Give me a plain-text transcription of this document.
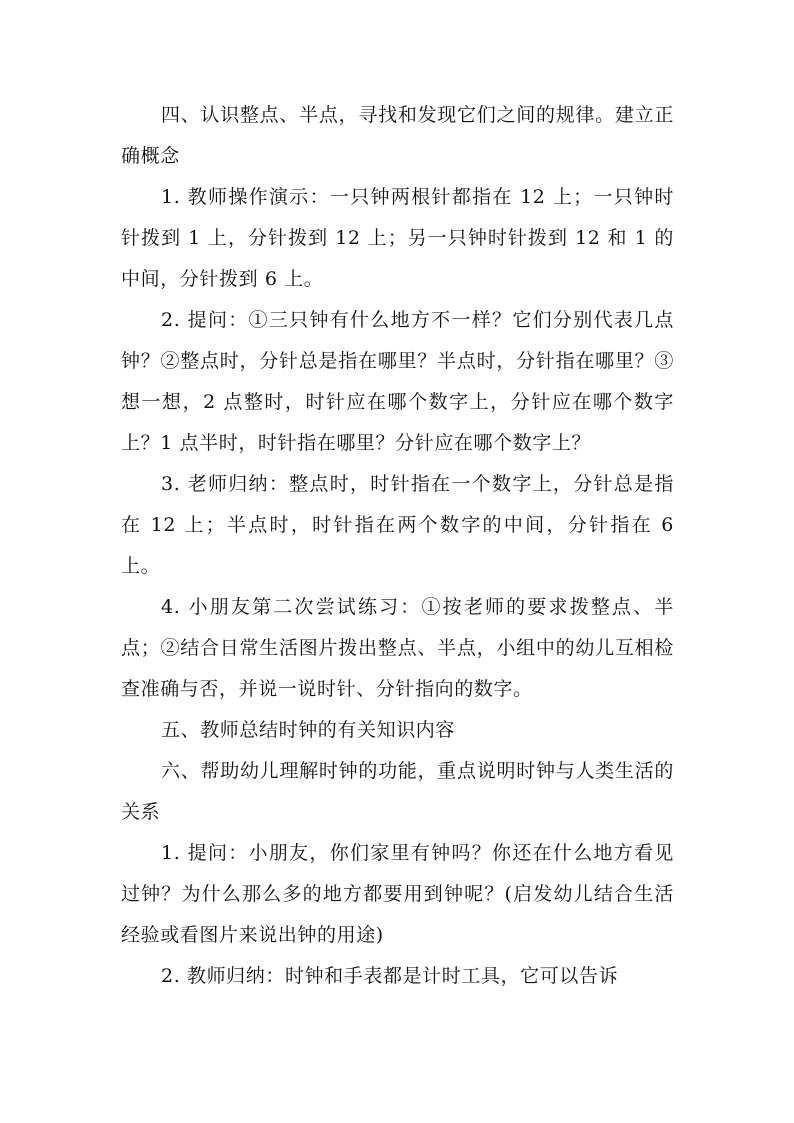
四、认识整点、半点，寻找和发现它们之间的规律。建立正确概念

1. 教师操作演示：一只钟两根针都指在 12 上；一只钟时针拨到 1 上，分针拨到 12 上；另一只钟时针拨到 12 和 1 的中间，分针拨到 6 上。

2. 提问：①三只钟有什么地方不一样？它们分别代表几点钟？②整点时，分针总是指在哪里？半点时，分针指在哪里？③想一想，2 点整时，时针应在哪个数字上，分针应在哪个数字上？1 点半时，时针指在哪里？分针应在哪个数字上？

3. 老师归纳：整点时，时针指在一个数字上，分针总是指在 12 上；半点时，时针指在两个数字的中间，分针指在 6 上。

4. 小朋友第二次尝试练习：①按老师的要求拨整点、半点；②结合日常生活图片拨出整点、半点，小组中的幼儿互相检查准确与否，并说一说时针、分针指向的数字。

五、教师总结时钟的有关知识内容

六、帮助幼儿理解时钟的功能，重点说明时钟与人类生活的关系

1. 提问：小朋友，你们家里有钟吗？你还在什么地方看见过钟？为什么那么多的地方都要用到钟呢？(启发幼儿结合生活经验或看图片来说出钟的用途)

2. 教师归纳：时钟和手表都是计时工具，它可以告诉
